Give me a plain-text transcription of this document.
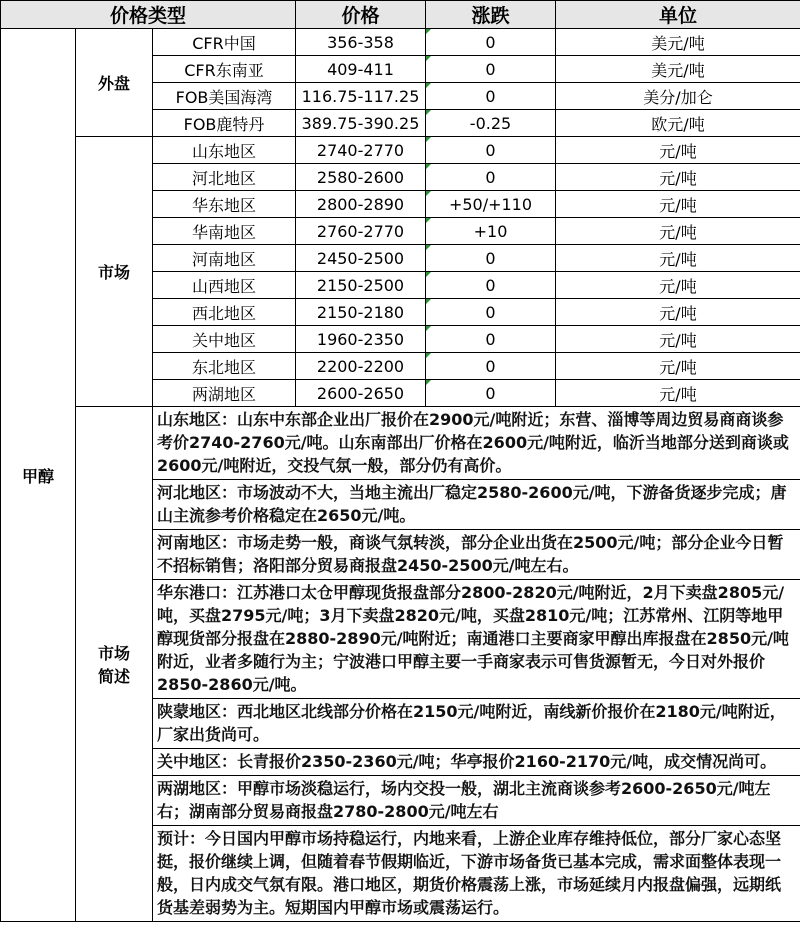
价格类型			价格	涨跌	单位
甲醇	外盘	CFR中国	356-358	0	美元/吨
		CFR东南亚	409-411	0	美元/吨
		FOB美国海湾	116.75-117.25	0	美分/加仑
		FOB鹿特丹	389.75-390.25	-0.25	欧元/吨
	市场	山东地区	2740-2770	0	元/吨
		河北地区	2580-2600	0	元/吨
		华东地区	2800-2890	+50/+110	元/吨
		华南地区	2760-2770	+10	元/吨
		河南地区	2450-2500	0	元/吨
		山西地区	2150-2500	0	元/吨
		西北地区	2150-2180	0	元/吨
		关中地区	1960-2350	0	元/吨
		东北地区	2200-2200	0	元/吨
		两湖地区	2600-2650	0	元/吨
	市场
简述	山东地区：山东中东部企业出厂报价在2900元/吨附近；东营、淄博等周边贸易商商谈参考价2740-2760元/吨。山东南部出厂价格在2600元/吨附近，临沂当地部分送到商谈或2600元/吨附近，交投气氛一般，部分仍有高价。			
		河北地区：市场波动不大，当地主流出厂稳定2580-2600元/吨，下游备货逐步完成；唐山主流参考价格稳定在2650元/吨。			
		河南地区：市场走势一般，商谈气氛转淡，部分企业出货在2500元/吨；部分企业今日暂不招标销售；洛阳部分贸易商报盘2450-2500元/吨左右。			
		华东港口：江苏港口太仓甲醇现货报盘部分2800-2820元/吨附近，2月下卖盘2805元/吨，买盘2795元/吨；3月下卖盘2820元/吨，买盘2810元/吨；江苏常州、江阴等地甲醇现货部分报盘在2880-2890元/吨附近；南通港口主要商家甲醇出库报盘在2850元/吨附近，业者多随行为主；宁波港口甲醇主要一手商家表示可售货源暂无，今日对外报价2850-2860元/吨。			
		陕蒙地区：西北地区北线部分价格在2150元/吨附近，南线新价报价在2180元/吨附近，厂家出货尚可。			
		关中地区：长青报价2350-2360元/吨；华亭报价2160-2170元/吨，成交情况尚可。			
		两湖地区：甲醇市场淡稳运行，场内交投一般，湖北主流商谈参考2600-2650元/吨左右；湖南部分贸易商报盘2780-2800元/吨左右			
		预计：今日国内甲醇市场持稳运行，内地来看，上游企业库存维持低位，部分厂家心态坚挺，报价继续上调，但随着春节假期临近，下游市场备货已基本完成，需求面整体表现一般，日内成交气氛有限。港口地区，期货价格震荡上涨，市场延续月内报盘偏强，远期纸货基差弱势为主。短期国内甲醇市场或震荡运行。			
